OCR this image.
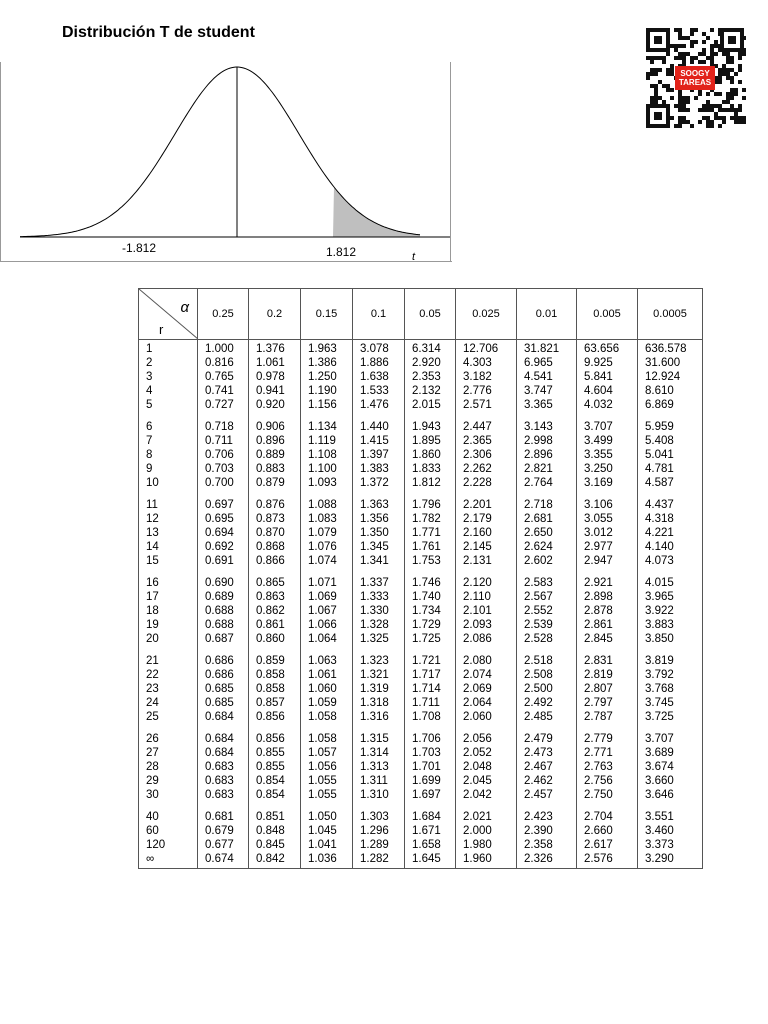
Distribución T de student
-1.812	1.812	t
SOOGY
TAREAS
α
r	0.25	0.2	0.15	0.1	0.05	0.025	0.01	0.005	0.0005
1	1.000	1.376	1.963	3.078	6.314	12.706	31.821	63.656	636.578
2	0.816	1.061	1.386	1.886	2.920	4.303	6.965	9.925	31.600
3	0.765	0.978	1.250	1.638	2.353	3.182	4.541	5.841	12.924
4	0.741	0.941	1.190	1.533	2.132	2.776	3.747	4.604	8.610
5	0.727	0.920	1.156	1.476	2.015	2.571	3.365	4.032	6.869
6	0.718	0.906	1.134	1.440	1.943	2.447	3.143	3.707	5.959
7	0.711	0.896	1.119	1.415	1.895	2.365	2.998	3.499	5.408
8	0.706	0.889	1.108	1.397	1.860	2.306	2.896	3.355	5.041
9	0.703	0.883	1.100	1.383	1.833	2.262	2.821	3.250	4.781
10	0.700	0.879	1.093	1.372	1.812	2.228	2.764	3.169	4.587
11	0.697	0.876	1.088	1.363	1.796	2.201	2.718	3.106	4.437
12	0.695	0.873	1.083	1.356	1.782	2.179	2.681	3.055	4.318
13	0.694	0.870	1.079	1.350	1.771	2.160	2.650	3.012	4.221
14	0.692	0.868	1.076	1.345	1.761	2.145	2.624	2.977	4.140
15	0.691	0.866	1.074	1.341	1.753	2.131	2.602	2.947	4.073
16	0.690	0.865	1.071	1.337	1.746	2.120	2.583	2.921	4.015
17	0.689	0.863	1.069	1.333	1.740	2.110	2.567	2.898	3.965
18	0.688	0.862	1.067	1.330	1.734	2.101	2.552	2.878	3.922
19	0.688	0.861	1.066	1.328	1.729	2.093	2.539	2.861	3.883
20	0.687	0.860	1.064	1.325	1.725	2.086	2.528	2.845	3.850
21	0.686	0.859	1.063	1.323	1.721	2.080	2.518	2.831	3.819
22	0.686	0.858	1.061	1.321	1.717	2.074	2.508	2.819	3.792
23	0.685	0.858	1.060	1.319	1.714	2.069	2.500	2.807	3.768
24	0.685	0.857	1.059	1.318	1.711	2.064	2.492	2.797	3.745
25	0.684	0.856	1.058	1.316	1.708	2.060	2.485	2.787	3.725
26	0.684	0.856	1.058	1.315	1.706	2.056	2.479	2.779	3.707
27	0.684	0.855	1.057	1.314	1.703	2.052	2.473	2.771	3.689
28	0.683	0.855	1.056	1.313	1.701	2.048	2.467	2.763	3.674
29	0.683	0.854	1.055	1.311	1.699	2.045	2.462	2.756	3.660
30	0.683	0.854	1.055	1.310	1.697	2.042	2.457	2.750	3.646
40	0.681	0.851	1.050	1.303	1.684	2.021	2.423	2.704	3.551
60	0.679	0.848	1.045	1.296	1.671	2.000	2.390	2.660	3.460
120	0.677	0.845	1.041	1.289	1.658	1.980	2.358	2.617	3.373
∞	0.674	0.842	1.036	1.282	1.645	1.960	2.326	2.576	3.290
